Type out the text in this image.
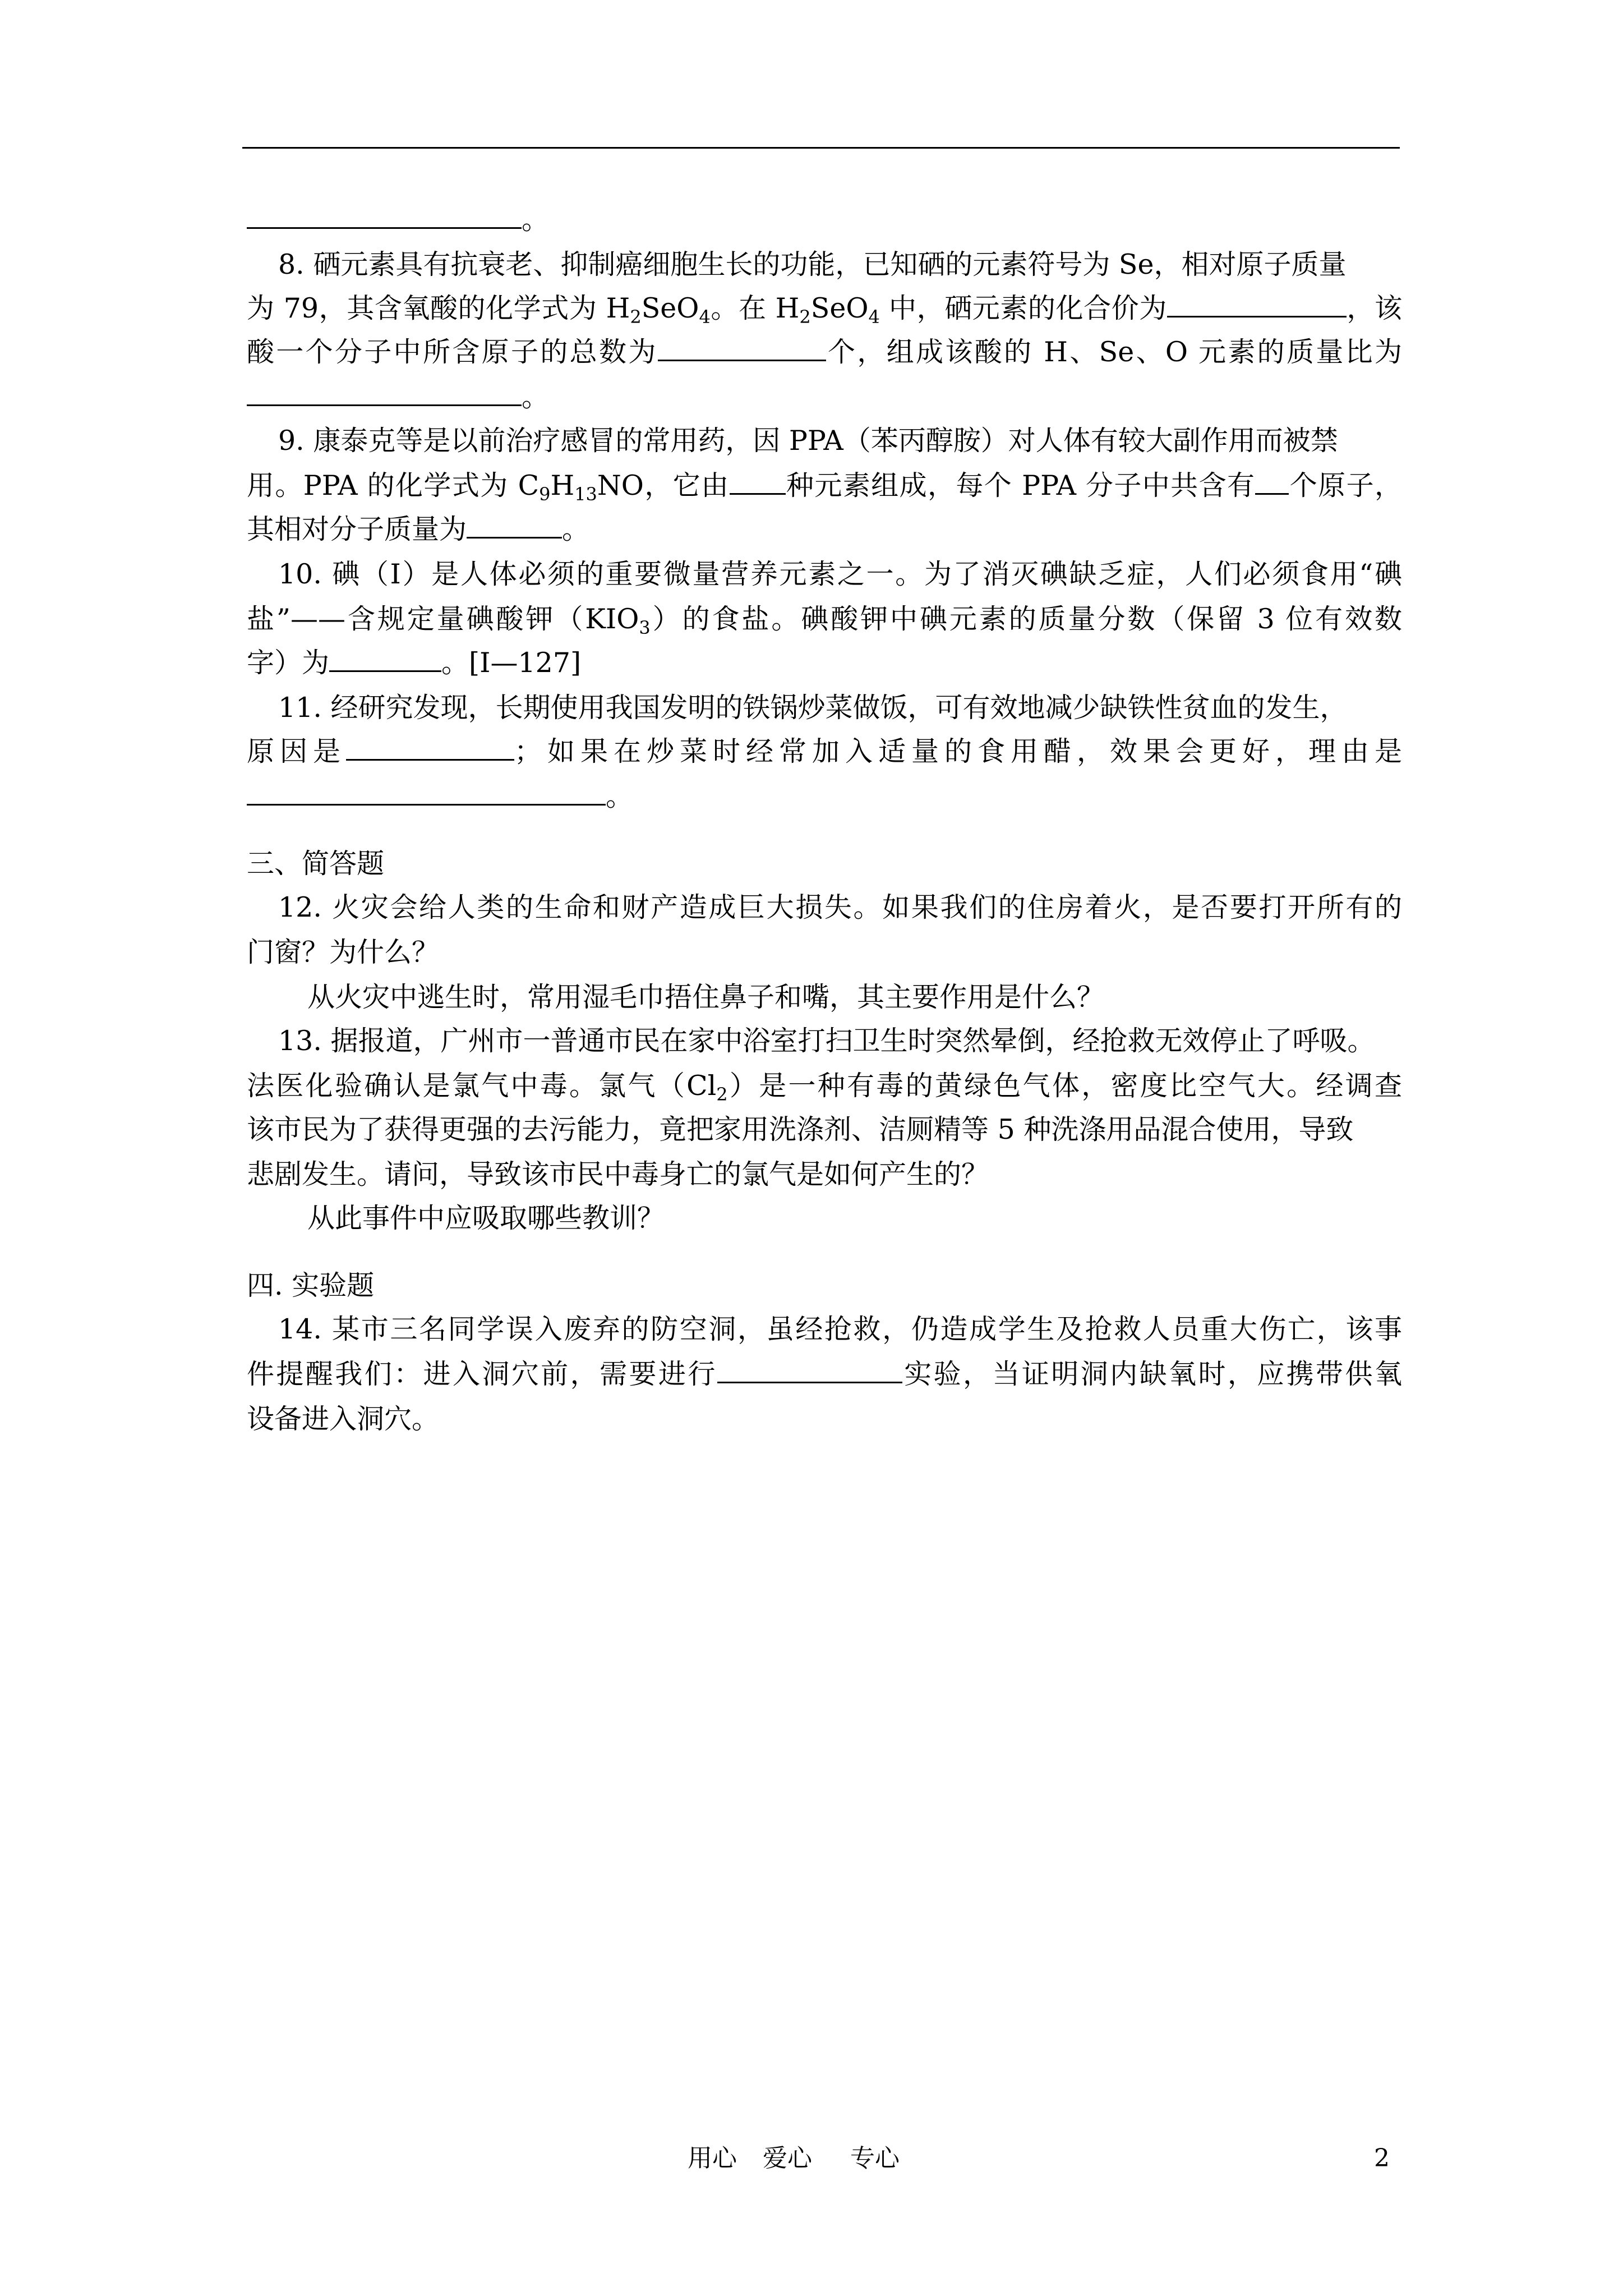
。
8. 硒元素具有抗衰老、抑制癌细胞生长的功能，已知硒的元素符号为 Se，相对原子质量
为 79，其含氧酸的化学式为 $H_2SeO_4$。在 $H_2SeO_4$ 中，硒元素的化合价为	，该
酸一个分子中所含原子的总数为	个，组成该酸的 H、Se、O 元素的质量比为
。
9. 康泰克等是以前治疗感冒的常用药，因 PPA（苯丙醇胺）对人体有较大副作用而被禁
用。PPA 的化学式为 $C_9H_{13}NO$，它由 种元素组成，每个 PPA 分子中共含有 个原子，
其相对分子质量为	。
10. 碘（I）是人体必须的重要微量营养元素之一。为了消灭碘缺乏症，人们必须食用“碘
盐”——含规定量碘酸钾$(KIO_3)$的食盐。碘酸钾中碘元素的质量分数（保留 3 位有效数
字）为	。[I—127]
11. 经研究发现，长期使用我国发明的铁锅炒菜做饭，可有效地减少缺铁性贫血的发生，
原因是	；如果在炒菜时经常加入适量的食用醋，效果会更好，理由是
。
三、简答题
12. 火灾会给人类的生命和财产造成巨大损失。如果我们的住房着火，是否要打开所有的
门窗？为什么？
从火灾中逃生时，常用湿毛巾捂住鼻子和嘴，其主要作用是什么？
13. 据报道，广州市一普通市民在家中浴室打扫卫生时突然晕倒，经抢救无效停止了呼吸。
法医化验确认是氯气中毒。氯气$(Cl_2)$是一种有毒的黄绿色气体，密度比空气大。经调查
该市民为了获得更强的去污能力，竟把家用洗涤剂、洁厕精等 5 种洗涤用品混合使用，导致
悲剧发生。请问，导致该市民中毒身亡的氯气是如何产生的？
从此事件中应吸取哪些教训？
四. 实验题
14. 某市三名同学误入废弃的防空洞，虽经抢救，仍造成学生及抢救人员重大伤亡，该事
件提醒我们：进入洞穴前，需要进行	实验，当证明洞内缺氧时，应携带供氧
设备进入洞穴。
用心 爱心 专心	2
